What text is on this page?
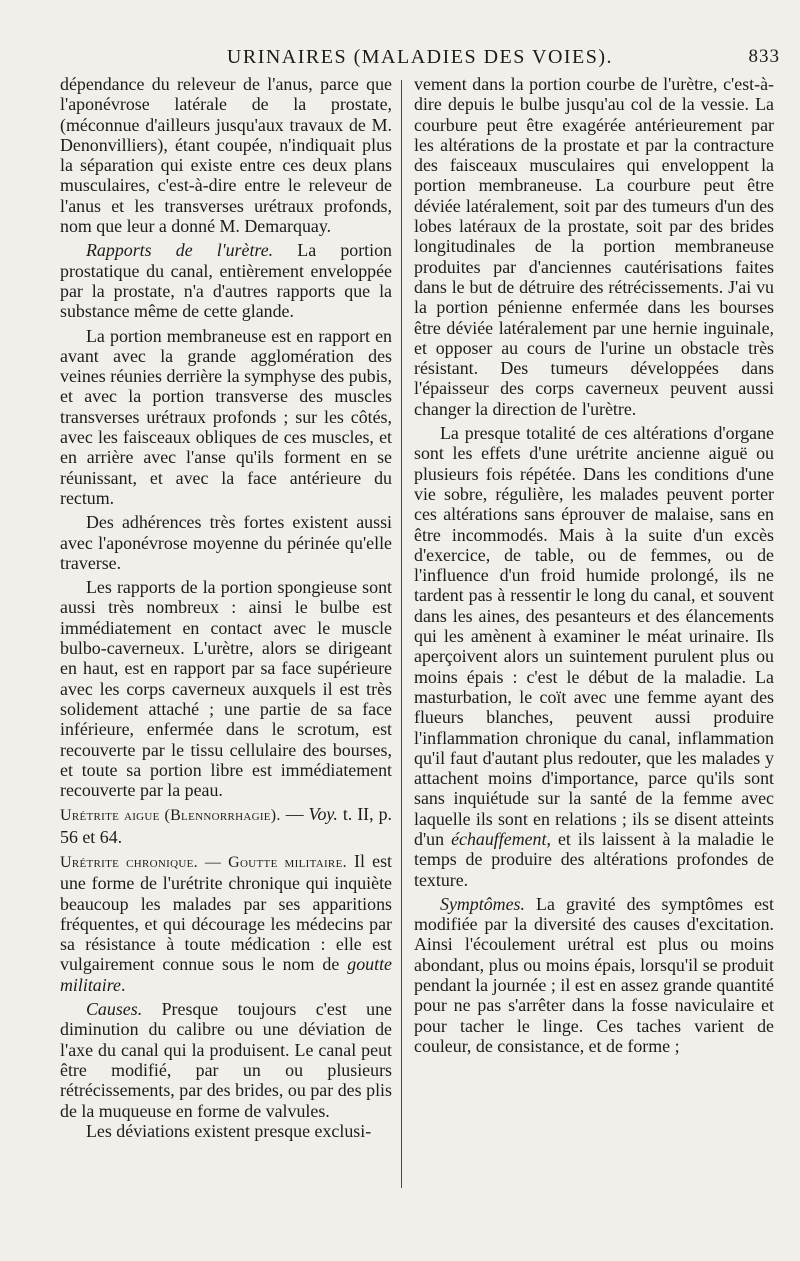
URINAIRES (MALADIES DES VOIES).	833

dépendance du releveur de l'anus, parce que l'aponévrose latérale de la prostate, (méconnue d'ailleurs jusqu'aux travaux de M. Denonvilliers), étant coupée, n'indiquait plus la séparation qui existe entre ces deux plans musculaires, c'est-à-dire entre le releveur de l'anus et les transverses urétraux profonds, nom que leur a donné M. Demarquay.

Rapports de l'urètre. La portion prostatique du canal, entièrement enveloppée par la prostate, n'a d'autres rapports que la substance même de cette glande.

La portion membraneuse est en rapport en avant avec la grande agglomération des veines réunies derrière la symphyse des pubis, et avec la portion transverse des muscles transverses urétraux profonds ; sur les côtés, avec les faisceaux obliques de ces muscles, et en arrière avec l'anse qu'ils forment en se réunissant, et avec la face antérieure du rectum.

Des adhérences très fortes existent aussi avec l'aponévrose moyenne du périnée qu'elle traverse.

Les rapports de la portion spongieuse sont aussi très nombreux : ainsi le bulbe est immédiatement en contact avec le muscle bulbo-caverneux. L'urètre, alors se dirigeant en haut, est en rapport par sa face supérieure avec les corps caverneux auxquels il est très solidement attaché ; une partie de sa face inférieure, enfermée dans le scrotum, est recouverte par le tissu cellulaire des bourses, et toute sa portion libre est immédiatement recouverte par la peau.

Urétrite aigue (Blennorrhagie). — Voy. t. II, p. 56 et 64.

Urétrite chronique. — Goutte militaire. Il est une forme de l'urétrite chronique qui inquiète beaucoup les malades par ses apparitions fréquentes, et qui décourage les médecins par sa résistance à toute médication : elle est vulgairement connue sous le nom de goutte militaire.

Causes. Presque toujours c'est une diminution du calibre ou une déviation de l'axe du canal qui la produisent. Le canal peut être modifié, par un ou plusieurs rétrécissements, par des brides, ou par des plis de la muqueuse en forme de valvules.

Les déviations existent presque exclusi-

vement dans la portion courbe de l'urètre, c'est-à-dire depuis le bulbe jusqu'au col de la vessie. La courbure peut être exagérée antérieurement par les altérations de la prostate et par la contracture des faisceaux musculaires qui enveloppent la portion membraneuse. La courbure peut être déviée latéralement, soit par des tumeurs d'un des lobes latéraux de la prostate, soit par des brides longitudinales de la portion membraneuse produites par d'anciennes cautérisations faites dans le but de détruire des rétrécissements. J'ai vu la portion pénienne enfermée dans les bourses être déviée latéralement par une hernie inguinale, et opposer au cours de l'urine un obstacle très résistant. Des tumeurs développées dans l'épaisseur des corps caverneux peuvent aussi changer la direction de l'urètre.

La presque totalité de ces altérations d'organe sont les effets d'une urétrite ancienne aiguë ou plusieurs fois répétée. Dans les conditions d'une vie sobre, régulière, les malades peuvent porter ces altérations sans éprouver de malaise, sans en être incommodés. Mais à la suite d'un excès d'exercice, de table, ou de femmes, ou de l'influence d'un froid humide prolongé, ils ne tardent pas à ressentir le long du canal, et souvent dans les aines, des pesanteurs et des élancements qui les amènent à examiner le méat urinaire. Ils aperçoivent alors un suintement purulent plus ou moins épais : c'est le début de la maladie. La masturbation, le coït avec une femme ayant des flueurs blanches, peuvent aussi produire l'inflammation chronique du canal, inflammation qu'il faut d'autant plus redouter, que les malades y attachent moins d'importance, parce qu'ils sont sans inquiétude sur la santé de la femme avec laquelle ils sont en relations ; ils se disent atteints d'un échauffement, et ils laissent à la maladie le temps de produire des altérations profondes de texture.

Symptômes. La gravité des symptômes est modifiée par la diversité des causes d'excitation. Ainsi l'écoulement urétral est plus ou moins abondant, plus ou moins épais, lorsqu'il se produit pendant la journée ; il est en assez grande quantité pour ne pas s'arrêter dans la fosse naviculaire et pour tacher le linge. Ces taches varient de couleur, de consistance, et de forme ;
